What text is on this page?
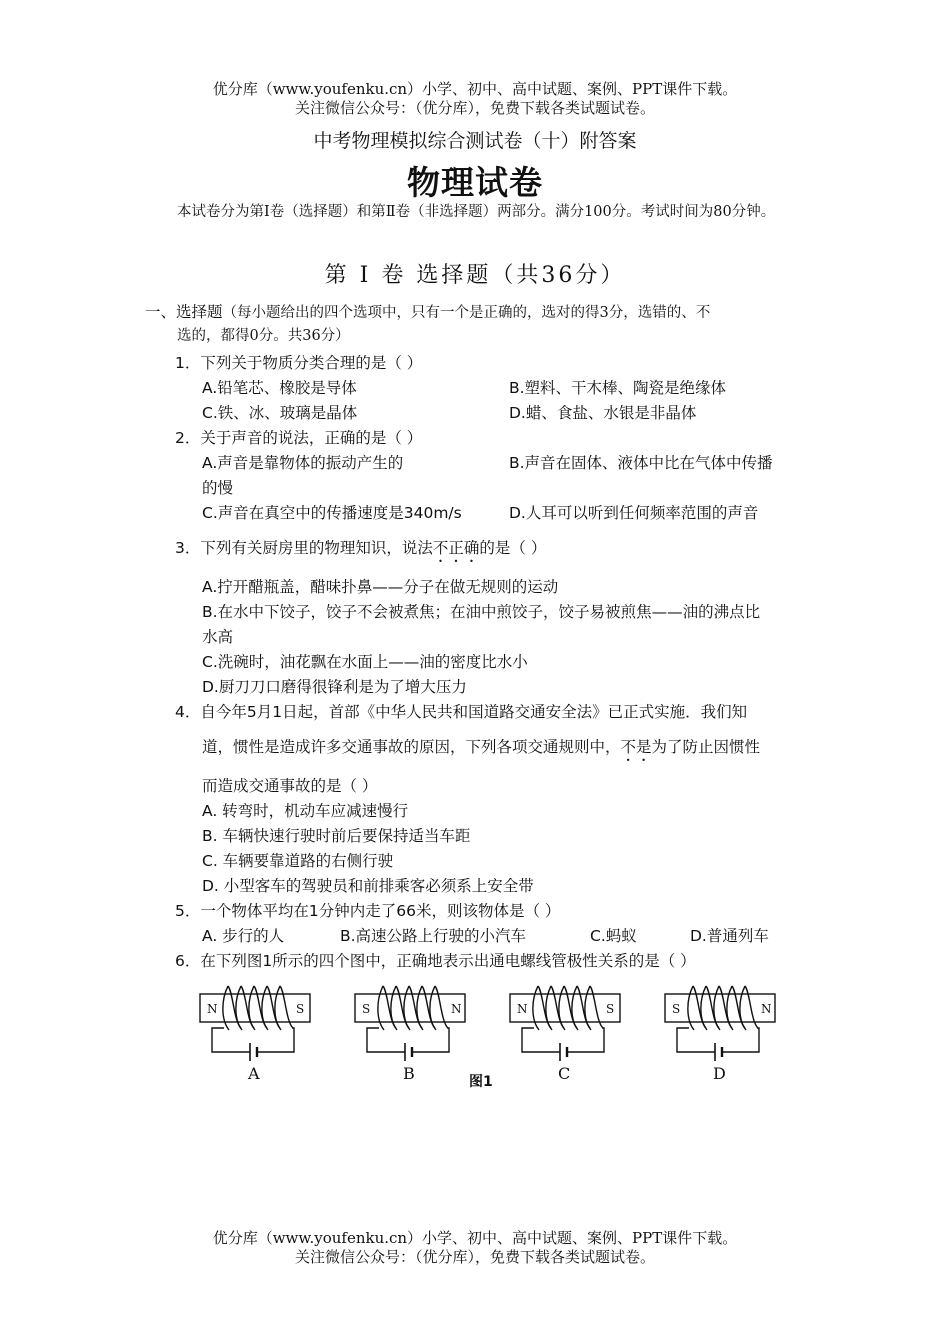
优分库（www.youfenku.cn）小学、初中、高中试题、案例、PPT课件下载。
关注微信公众号：（优分库），免费下载各类试题试卷。
中考物理模拟综合测试卷（十）附答案
物理试卷
本试卷分为第Ⅰ卷（选择题）和第Ⅱ卷（非选择题）两部分。满分100分。考试时间为80分钟。
第 Ⅰ 卷 选择题（共36分）
一、选择题（每小题给出的四个选项中，只有一个是正确的，选对的得3分，选错的、不
选的，都得0分。共36分）
1．下列关于物质分类合理的是（ ）
A.铅笔芯、橡胶是导体	B.塑料、干木棒、陶瓷是绝缘体
C.铁、冰、玻璃是晶体	D.蜡、食盐、水银是非晶体
2．关于声音的说法，正确的是（ ）
A.声音是靠物体的振动产生的	B.声音在固体、液体中比在气体中传播
的慢
C.声音在真空中的传播速度是340m/s	D.人耳可以听到任何频率范围的声音
3．下列有关厨房里的物理知识，说法不正确的是（ ）
A.拧开醋瓶盖，醋味扑鼻——分子在做无规则的运动
B.在水中下饺子，饺子不会被煮焦；在油中煎饺子，饺子易被煎焦——油的沸点比
水高
C.洗碗时，油花飘在水面上——油的密度比水小
D.厨刀刀口磨得很锋利是为了增大压力
4．自今年5月1日起，首部《中华人民共和国道路交通安全法》已正式实施．我们知
道，惯性是造成许多交通事故的原因，下列各项交通规则中，不是为了防止因惯性
而造成交通事故的是（ ）
A. 转弯时，机动车应减速慢行
B. 车辆快速行驶时前后要保持适当车距
C. 车辆要靠道路的右侧行驶
D. 小型客车的驾驶员和前排乘客必须系上安全带
5．一个物体平均在1分钟内走了66米，则该物体是（ ）
A. 步行的人	B.高速公路上行驶的小汽车	C.蚂蚁	D.普通列车
6．在下列图1所示的四个图中，正确地表示出通电螺线管极性关系的是（ ）
N	S
A
S	N
B
N	S
C
S	N
D
图1
优分库（www.youfenku.cn）小学、初中、高中试题、案例、PPT课件下载。
关注微信公众号：（优分库），免费下载各类试题试卷。
